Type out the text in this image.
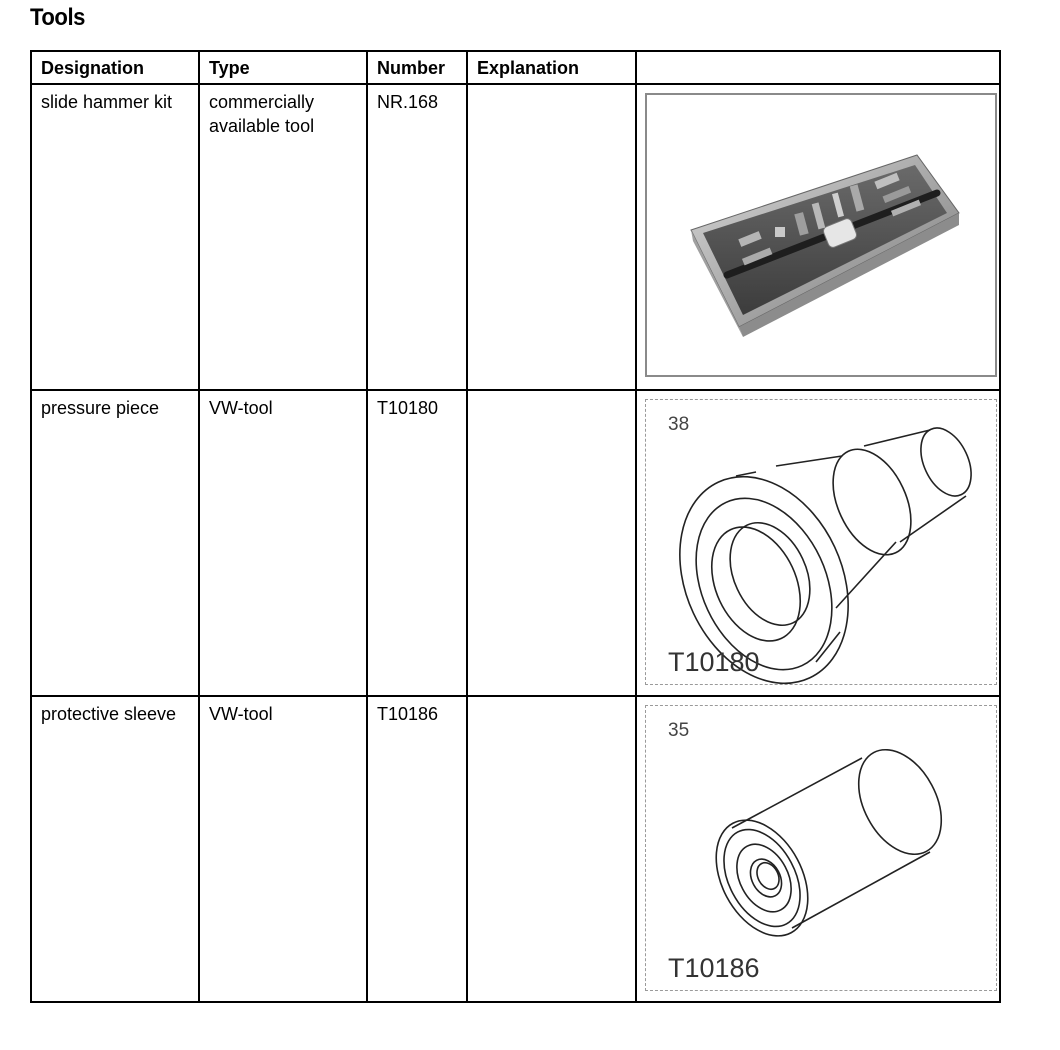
Tools
Designation	Type	Number	Explanation	
slide hammer kit	commercially available tool	NR.168		

pressure piece	VW-tool	T10180		38
T10180

protective sleeve	VW-tool	T10186		35
T10186
